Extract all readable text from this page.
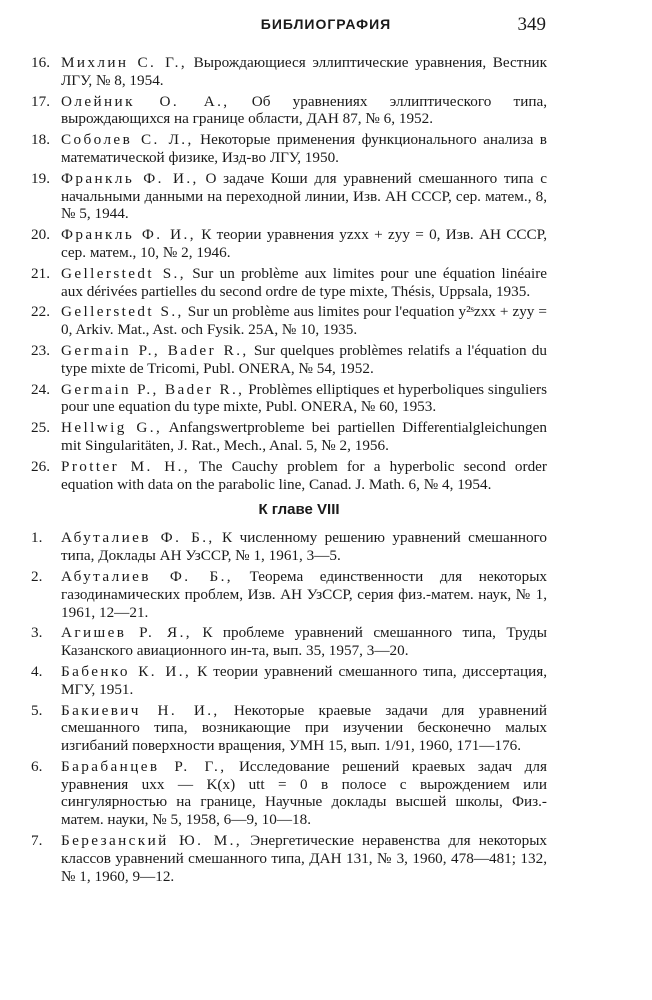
БИБЛИОГРАФИЯ	349
16. Михлин С. Г., Вырождающиеся эллиптические уравнения, Вестник ЛГУ, № 8, 1954.
17. Олейник О. А., Об уравнениях эллиптического типа, вырождающихся на границе области, ДАН 87, № 6, 1952.
18. Соболев С. Л., Некоторые применения функционального анализа в математической физике, Изд-во ЛГУ, 1950.
19. Франкль Ф. И., О задаче Коши для уравнений смешанного типа с начальными данными на переходной линии, Изв. АН СССР, сер. матем., 8, № 5, 1944.
20. Франкль Ф. И., К теории уравнения yzxx + zyy = 0, Изв. АН СССР, сер. матем., 10, № 2, 1946.
21. Gellerstedt S., Sur un problème aux limites pour une équation linéaire aux dérivées partielles du second ordre de type mixte, Thésis, Uppsala, 1935.
22. Gellerstedt S., Sur un problème aus limites pour l'equation y²ˢzxx + zyy = 0, Arkiv. Mat., Ast. och Fysik. 25A, № 10, 1935.
23. Germain P., Bader R., Sur quelques problèmes relatifs a l'équation du type mixte de Tricomi, Publ. ONERA, № 54, 1952.
24. Germain P., Bader R., Problèmes elliptiques et hyperboliques singuliers pour une equation du type mixte, Publ. ONERA, № 60, 1953.
25. Hellwig G., Anfangswertprobleme bei partiellen Differentialgleichungen mit Singularitäten, J. Rat., Mech., Anal. 5, № 2, 1956.
26. Protter M. H., The Cauchy problem for a hyperbolic second order equation with data on the parabolic line, Canad. J. Math. 6, № 4, 1954.
К главе VIII
1.	Абуталиев Ф. Б., К численному решению уравнений смешанного типа, Доклады АН УзССР, № 1, 1961, 3—5.
2.	Абуталиев Ф. Б., Теорема единственности для некоторых газодинамических проблем, Изв. АН УзССР, серия физ.-матем. наук, № 1, 1961, 12—21.
3.	Агишев Р. Я., К проблеме уравнений смешанного типа, Труды Казанского авиационного ин-та, вып. 35, 1957, 3—20.
4.	Бабенко К. И., К теории уравнений смешанного типа, диссертация, МГУ, 1951.
5.	Бакиевич Н. И., Некоторые краевые задачи для уравнений смешанного типа, возникающие при изучении бесконечно малых изгибаний поверхности вращения, УМН 15, вып. 1/91, 1960, 171—176.
6.	Барабанцев Р. Г., Исследование решений краевых задач для уравнения uxx — K(x) utt = 0 в полосе с вырождением или сингулярностью на границе, Научные доклады высшей школы, Физ.-матем. науки, № 5, 1958, 6—9, 10—18.
7.	Березанский Ю. М., Энергетические неравенства для некоторых классов уравнений смешанного типа, ДАН 131, № 3, 1960, 478—481; 132, № 1, 1960, 9—12.
